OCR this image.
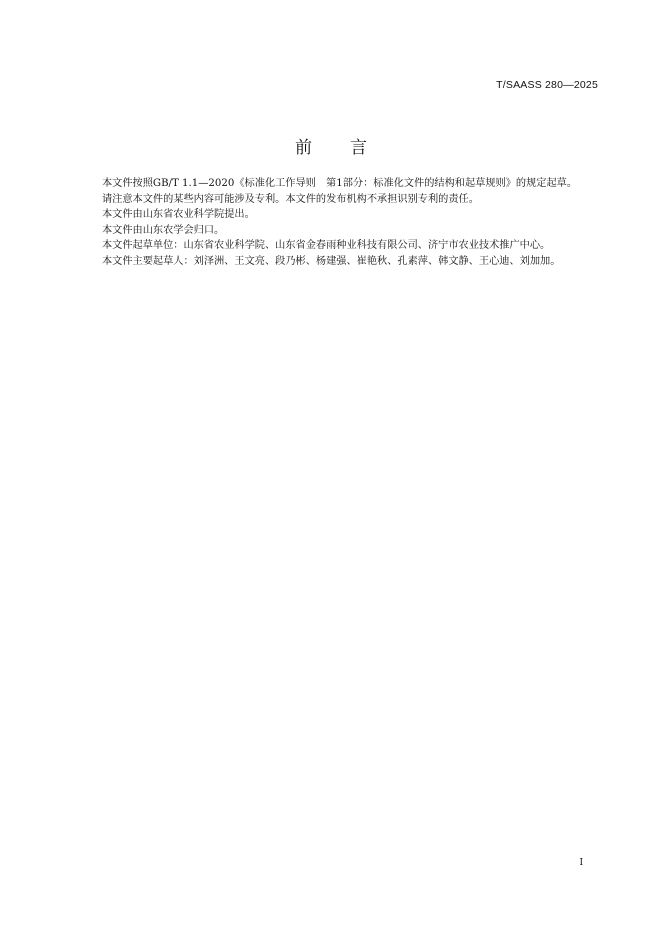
T/SAASS 280—2025
前言

本文件按照GB/T 1.1—2020《标准化工作导则　第1部分：标准化文件的结构和起草规则》的规定起草。

请注意本文件的某些内容可能涉及专利。本文件的发布机构不承担识别专利的责任。

本文件由山东省农业科学院提出。

本文件由山东农学会归口。

本文件起草单位：山东省农业科学院、山东省金春雨种业科技有限公司、济宁市农业技术推广中心。

本文件主要起草人：刘泽洲、王文亮、段乃彬、杨建强、崔艳秋、孔素萍、韩文静、王心迪、刘加加。

I
